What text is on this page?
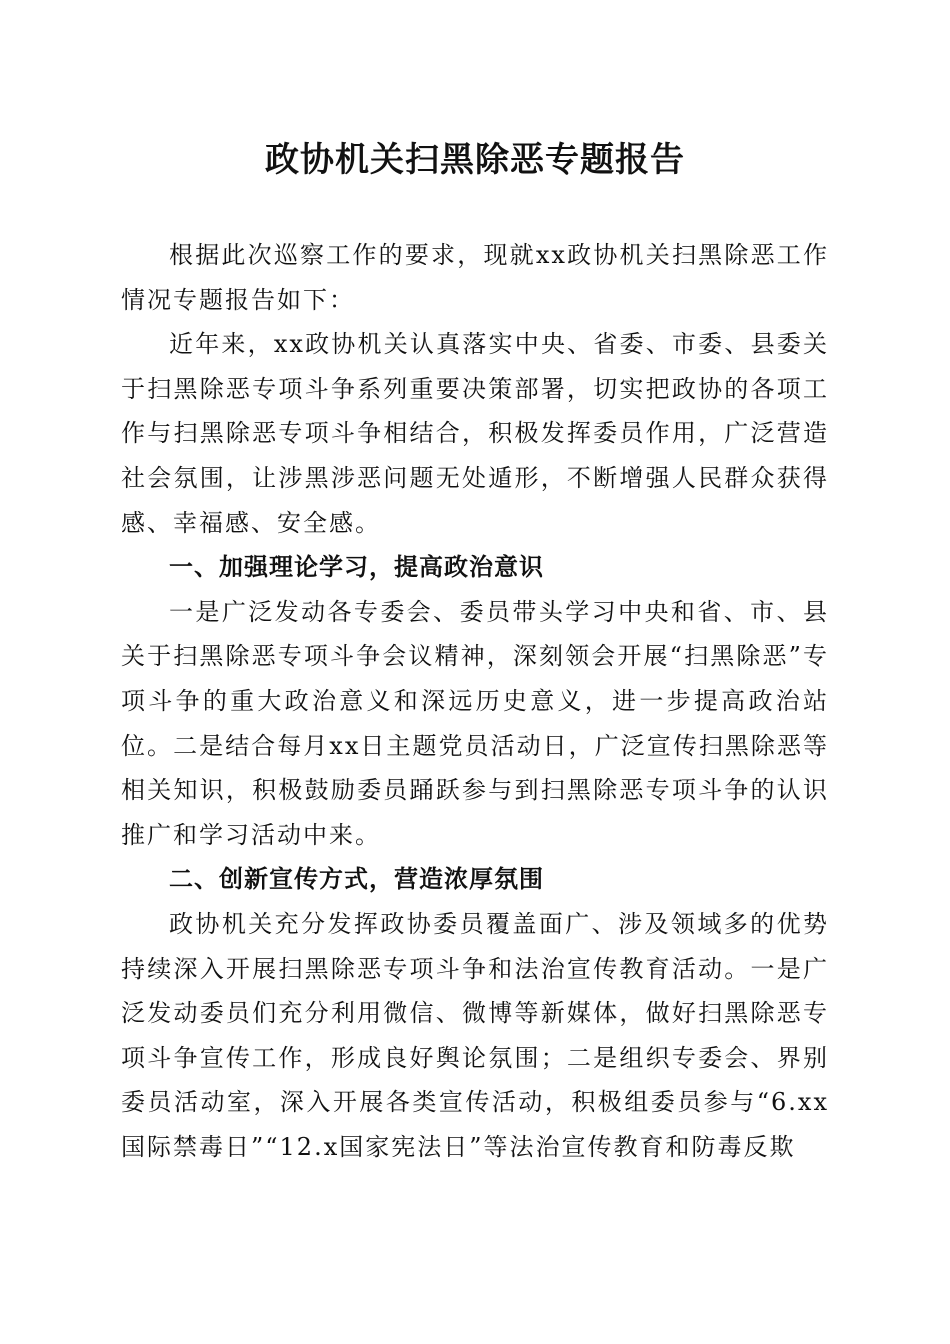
政协机关扫黑除恶专题报告

根据此次巡察工作的要求，现就xx政协机关扫黑除恶工作情况专题报告如下：

近年来，xx政协机关认真落实中央、省委、市委、县委关于扫黑除恶专项斗争系列重要决策部署，切实把政协的各项工作与扫黑除恶专项斗争相结合，积极发挥委员作用，广泛营造社会氛围，让涉黑涉恶问题无处遁形，不断增强人民群众获得感、幸福感、安全感。

一、加强理论学习，提高政治意识

一是广泛发动各专委会、委员带头学习中央和省、市、县关于扫黑除恶专项斗争会议精神，深刻领会开展“扫黑除恶”专项斗争的重大政治意义和深远历史意义，进一步提高政治站位。二是结合每月xx日主题党员活动日，广泛宣传扫黑除恶等相关知识，积极鼓励委员踊跃参与到扫黑除恶专项斗争的认识推广和学习活动中来。

二、创新宣传方式，营造浓厚氛围

政协机关充分发挥政协委员覆盖面广、涉及领域多的优势持续深入开展扫黑除恶专项斗争和法治宣传教育活动。一是广泛发动委员们充分利用微信、微博等新媒体，做好扫黑除恶专项斗争宣传工作，形成良好舆论氛围；二是组织专委会、界别委员活动室，深入开展各类宣传活动，积极组委员参与“6.xx国际禁毒日”“12.x国家宪法日”等法治宣传教育和防毒反欺
